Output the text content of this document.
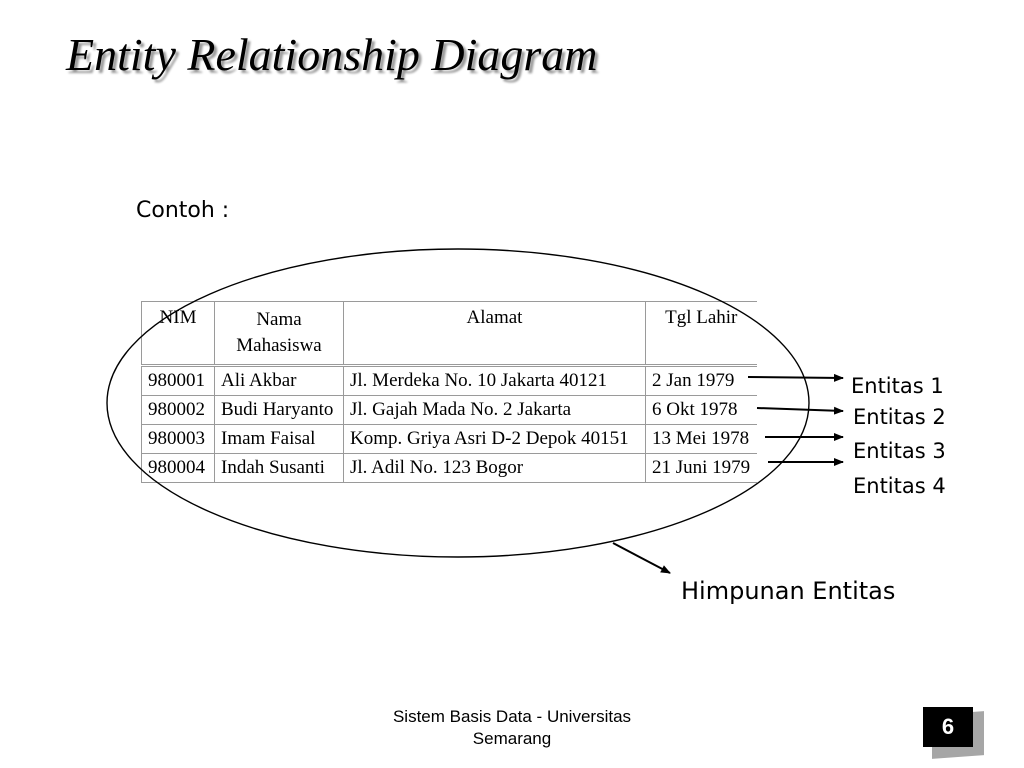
Entity Relationship Diagram
Contoh :
NIM	Nama Mahasiswa	Alamat	Tgl Lahir
980001	Ali Akbar	Jl. Merdeka No. 10 Jakarta 40121	2 Jan 1979
980002	Budi Haryanto	Jl. Gajah Mada No. 2 Jakarta	6 Okt 1978
980003	Imam Faisal	Komp. Griya Asri D-2 Depok 40151	13 Mei 1978
980004	Indah Susanti	Jl. Adil No. 123 Bogor	21 Juni 1979
Entitas 1
Entitas 2
Entitas 3
Entitas 4
Himpunan Entitas
Sistem Basis Data - Universitas
Semarang	6
